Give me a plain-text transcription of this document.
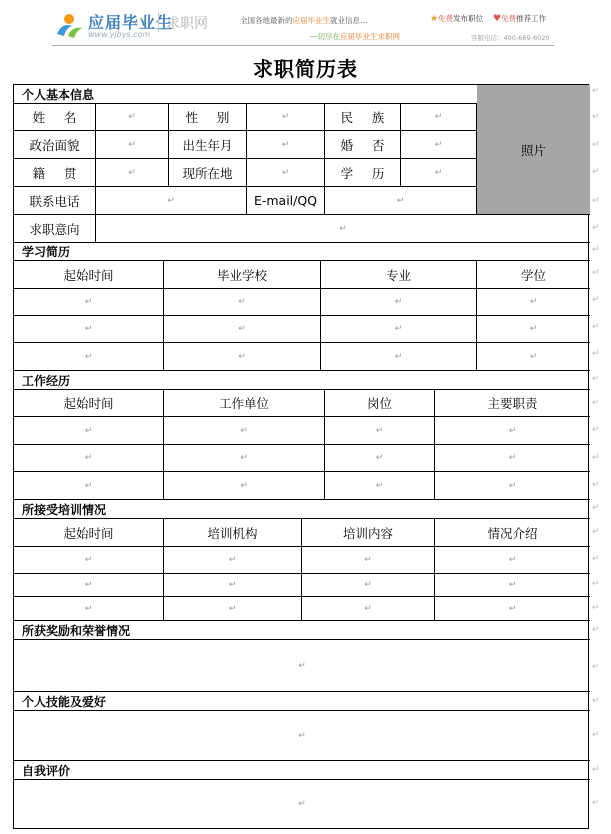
应届毕业生
求职网
www.yjbys.com
全国各地最新的应届毕业生就业信息…
—切尽在应届毕业生求职网
★免费发布职位 ♥免费推荐工作
客服电话：400-669-6020
求职简历表
个人基本信息
照片
姓名	↵	性别	↵	民族	↵
政治面貌	↵	出生年月	↵	婚否	↵
籍贯	↵	现所在地	↵	学历	↵
联系电话	↵	E-mail/QQ	↵
求职意向	↵
学习简历
起始时间	毕业学校	专业	学位
↵	↵	↵	↵
↵	↵	↵	↵
↵	↵	↵	↵
工作经历
起始时间	工作单位	岗位	主要职责
↵	↵	↵	↵
↵	↵	↵	↵
↵	↵	↵	↵
所接受培训情况
起始时间	培训机构	培训内容	情况介绍
↵	↵	↵	↵
↵	↵	↵	↵
↵	↵	↵	↵
所获奖励和荣誉情况
↵
个人技能及爱好
↵
自我评价
↵
↵
↵
↵
↵
↵
↵
↵
↵
↵
↵
↵
↵
↵
↵
↵
↵
↵
↵
↵
↵
↵
↵
↵
↵
↵
↵
↵
